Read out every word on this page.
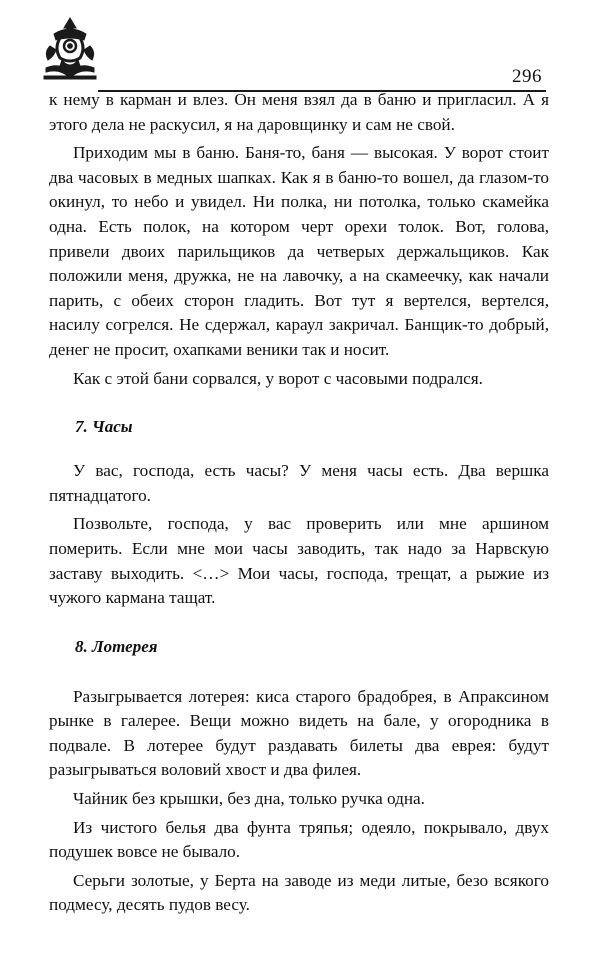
296

к нему в карман и влез. Он меня взял да в баню и пригласил. А я

этого дела не раскусил, я на даровщинку и сам не свой.

Приходим мы в баню. Баня-то, баня — высокая. У ворот стоит два часовых в медных шапках. Как я в баню-то вошел, да глазом-то окинул, то небо и увидел. Ни полка, ни потолка, только скамейка одна. Есть полок, на котором черт орехи толок. Вот, голова, привели двоих парильщиков да четверых держальщиков. Как положили меня, дружка, не на лавочку, а на скамеечку, как начали парить, с обеих сторон гладить. Вот тут я вертелся, вертелся, насилу согрелся. Не сдержал, караул закричал. Банщик-то добрый, денег не просит, охапками веники так и носит.

Как с этой бани сорвался, у ворот с часовыми подрался.

7. Часы

У вас, господа, есть часы? У меня часы есть. Два вершка пятнадцатого.

Позвольте, господа, у вас проверить или мне аршином померить. Если мне мои часы заводить, так надо за Нарвскую заставу выходить. <…> Мои часы, господа, трещат, а рыжие из чужого кармана тащат.

8. Лотерея

Разыгрывается лотерея: киса старого брадобрея, в Апраксином рынке в галерее. Вещи можно видеть на бале, у огородника в подвале. В лотерее будут раздавать билеты два еврея: будут разыгрываться воловий хвост и два филея.

Чайник без крышки, без дна, только ручка одна.

Из чистого белья два фунта тряпья; одеяло, покрывало, двух подушек вовсе не бывало.

Серьги золотые, у Берта на заводе из меди литые, безо всякого подмесу, десять пудов весу.
